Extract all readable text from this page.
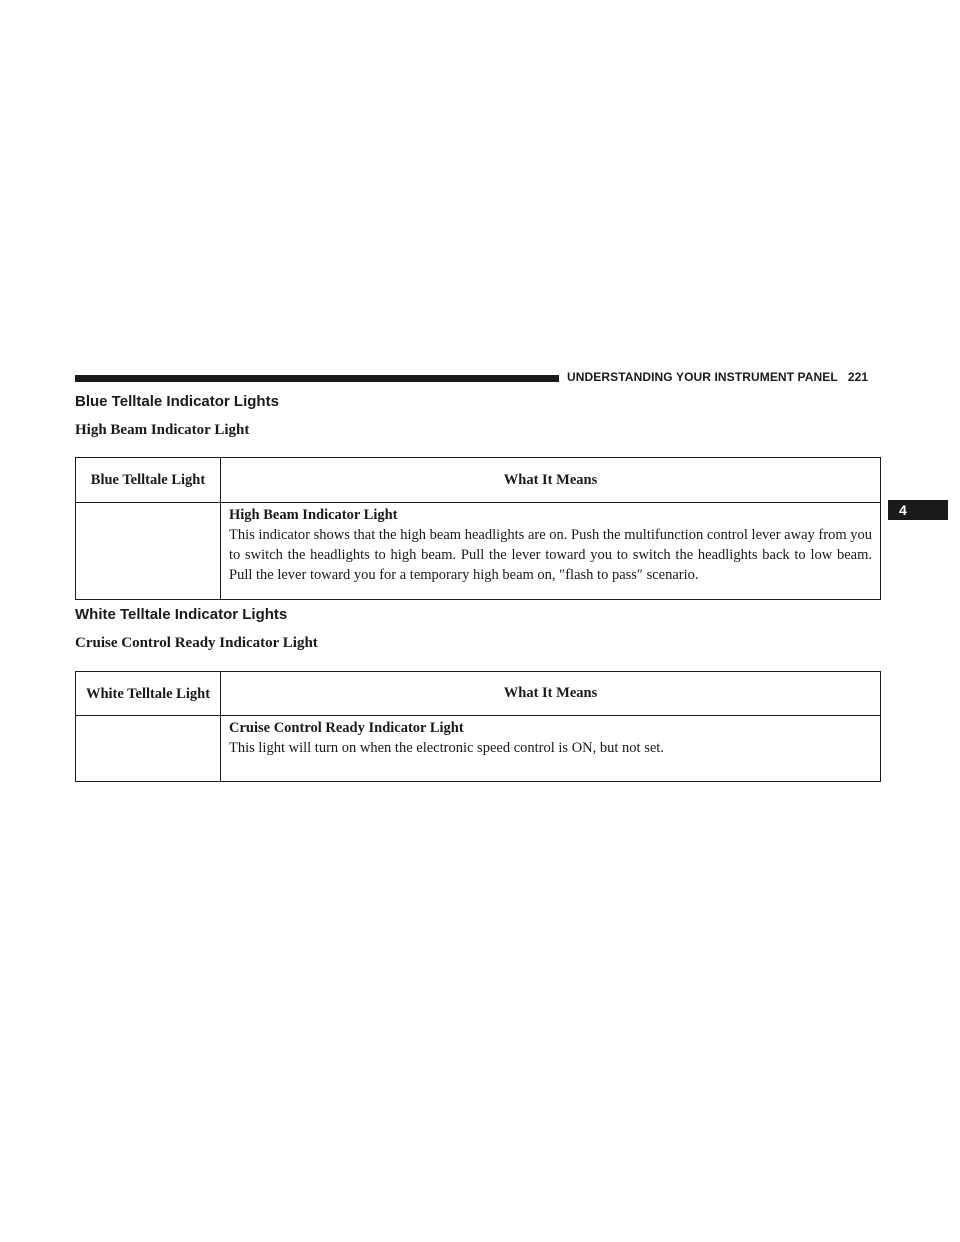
UNDERSTANDING YOUR INSTRUMENT PANEL 221
4
Blue Telltale Indicator Lights
High Beam Indicator Light
Blue Telltale Light	What It Means

	High Beam Indicator Light
This indicator shows that the high beam headlights are on. Push the multifunction control lever away from you to switch the headlights to high beam. Pull the lever toward you to switch the headlights back to low beam. Pull the lever toward you for a temporary high beam on, ″flash to pass″ scenario.
White Telltale Indicator Lights
Cruise Control Ready Indicator Light
White Telltale Light	What It Means

	Cruise Control Ready Indicator Light
This light will turn on when the electronic speed control is ON, but not set.
